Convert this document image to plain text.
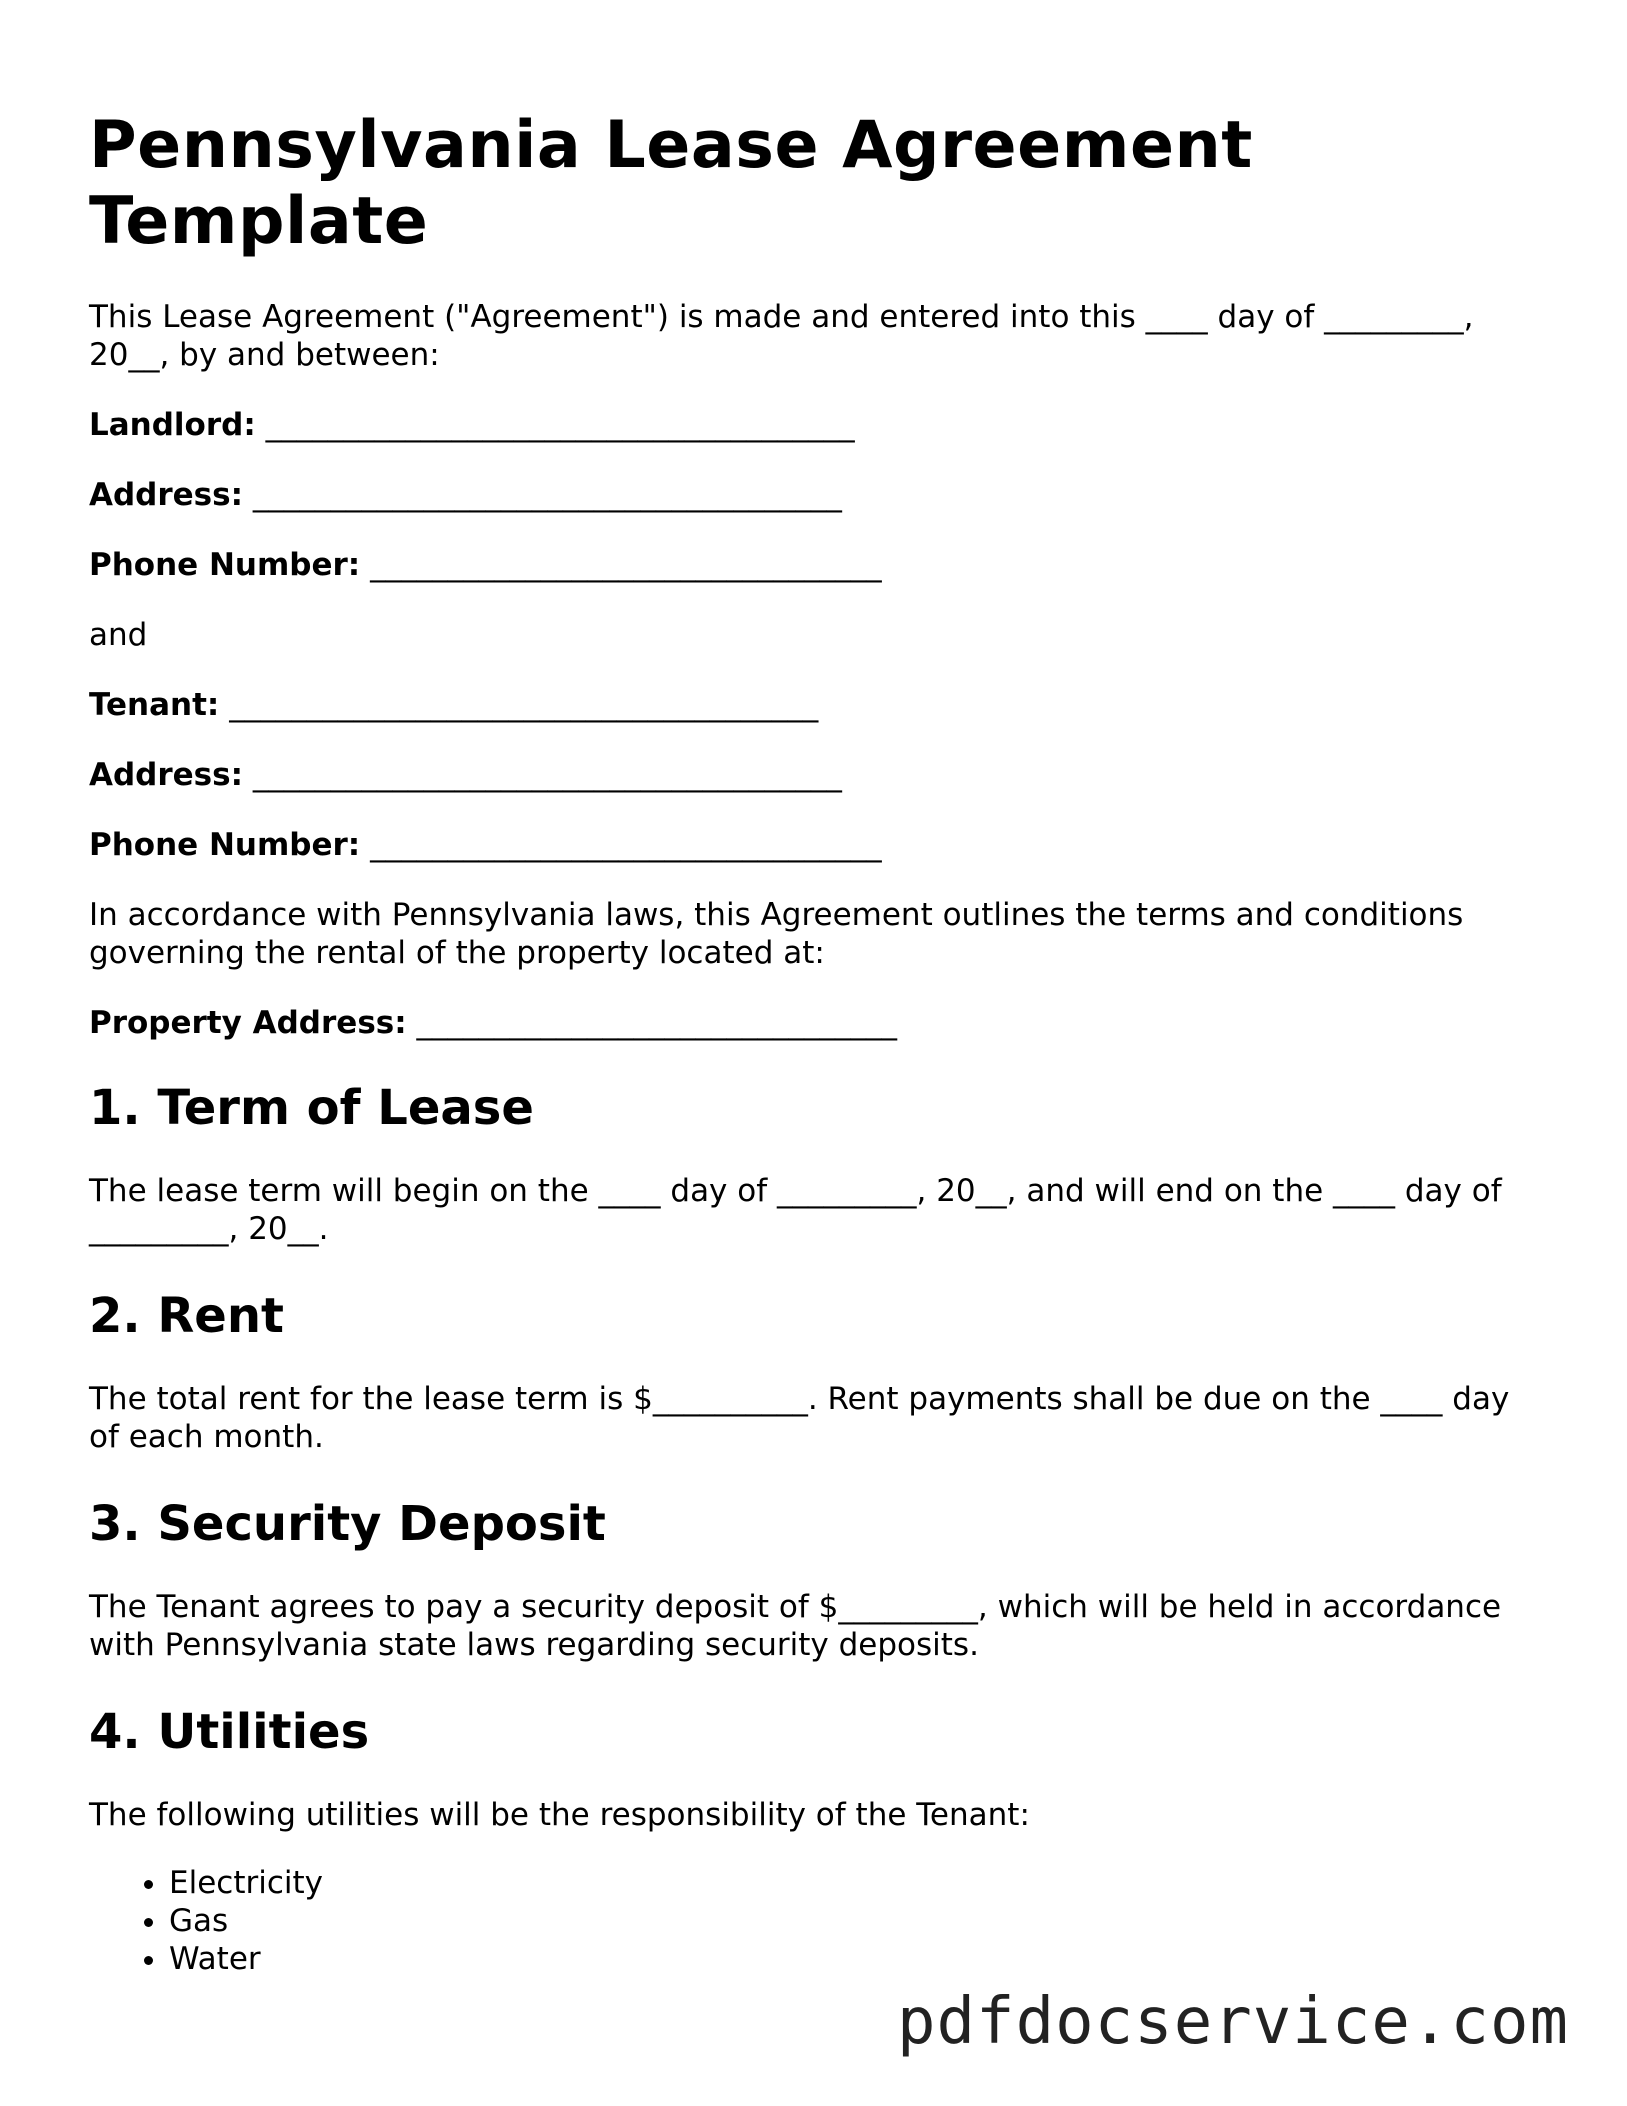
Pennsylvania Lease Agreement Template

This Lease Agreement ("Agreement") is made and entered into this ____ day of _________, 20__, by and between:

Landlord: ______________________________________
Address: ______________________________________
Phone Number: _________________________________

and

Tenant: ______________________________________
Address: ______________________________________
Phone Number: _________________________________

In accordance with Pennsylvania laws, this Agreement outlines the terms and conditions governing the rental of the property located at:

Property Address: _______________________________
1. Term of Lease

The lease term will begin on the ____ day of _________, 20__, and will end on the ____ day of _________, 20__.

2. Rent

The total rent for the lease term is $__________. Rent payments shall be due on the ____ day of each month.

3. Security Deposit

The Tenant agrees to pay a security deposit of $_________, which will be held in accordance with Pennsylvania state laws regarding security deposits.

4. Utilities

The following utilities will be the responsibility of the Tenant:

• Electricity
• Gas
• Water
pdfdocservice.com
